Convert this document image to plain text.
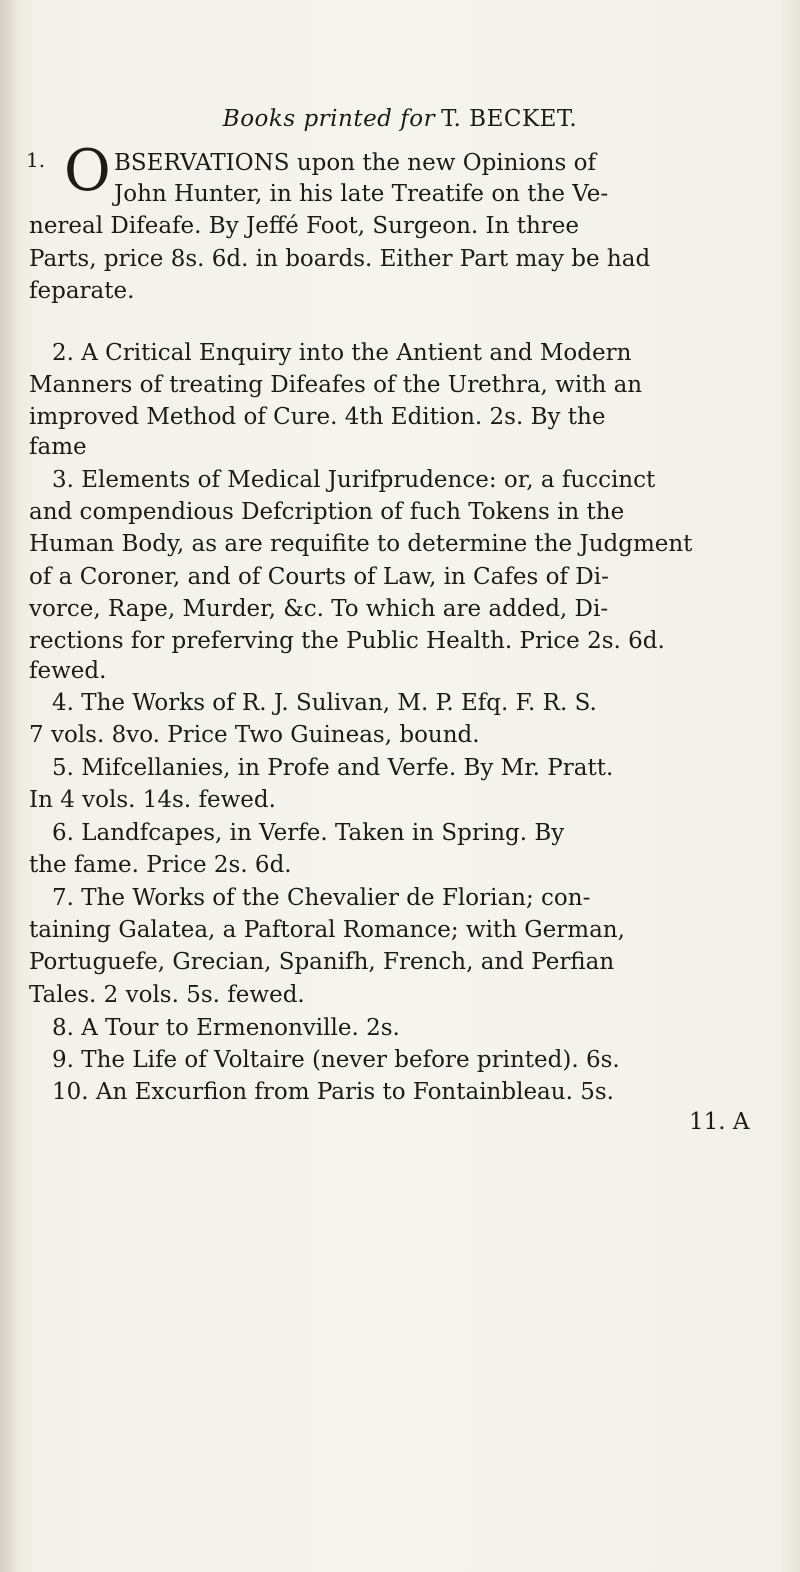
Books printed for T. BECKET.
1. O BSERVATIONS upon the new Opinions of
John Hunter, in his late Treatife on the Ve-
nereal Difeafe. By Jeffé Foot, Surgeon. In three
Parts, price 8s. 6d. in boards. Either Part may be had
feparate.
2. A Critical Enquiry into the Antient and Modern
Manners of treating Difeafes of the Urethra, with an
improved Method of Cure. 4th Edition. 2s. By the
fame
3. Elements of Medical Jurifprudence: or, a fuccinct
and compendious Defcription of fuch Tokens in the
Human Body, as are requifite to determine the Judgment
of a Coroner, and of Courts of Law, in Cafes of Di-
vorce, Rape, Murder, &c. To which are added, Di-
rections for preferving the Public Health. Price 2s. 6d.
fewed.
4. The Works of R. J. Sulivan, M. P. Efq. F. R. S.
7 vols. 8vo. Price Two Guineas, bound.
5. Mifcellanies, in Profe and Verfe. By Mr. Pratt.
In 4 vols. 14s. fewed.
6. Landfcapes, in Verfe. Taken in Spring. By
the fame. Price 2s. 6d.
7. The Works of the Chevalier de Florian; con-
taining Galatea, a Paftoral Romance; with German,
Portuguefe, Grecian, Spanifh, French, and Perfian
Tales. 2 vols. 5s. fewed.
8. A Tour to Ermenonville. 2s.
9. The Life of Voltaire (never before printed). 6s.
10. An Excurfion from Paris to Fontainbleau. 5s.
11. A
